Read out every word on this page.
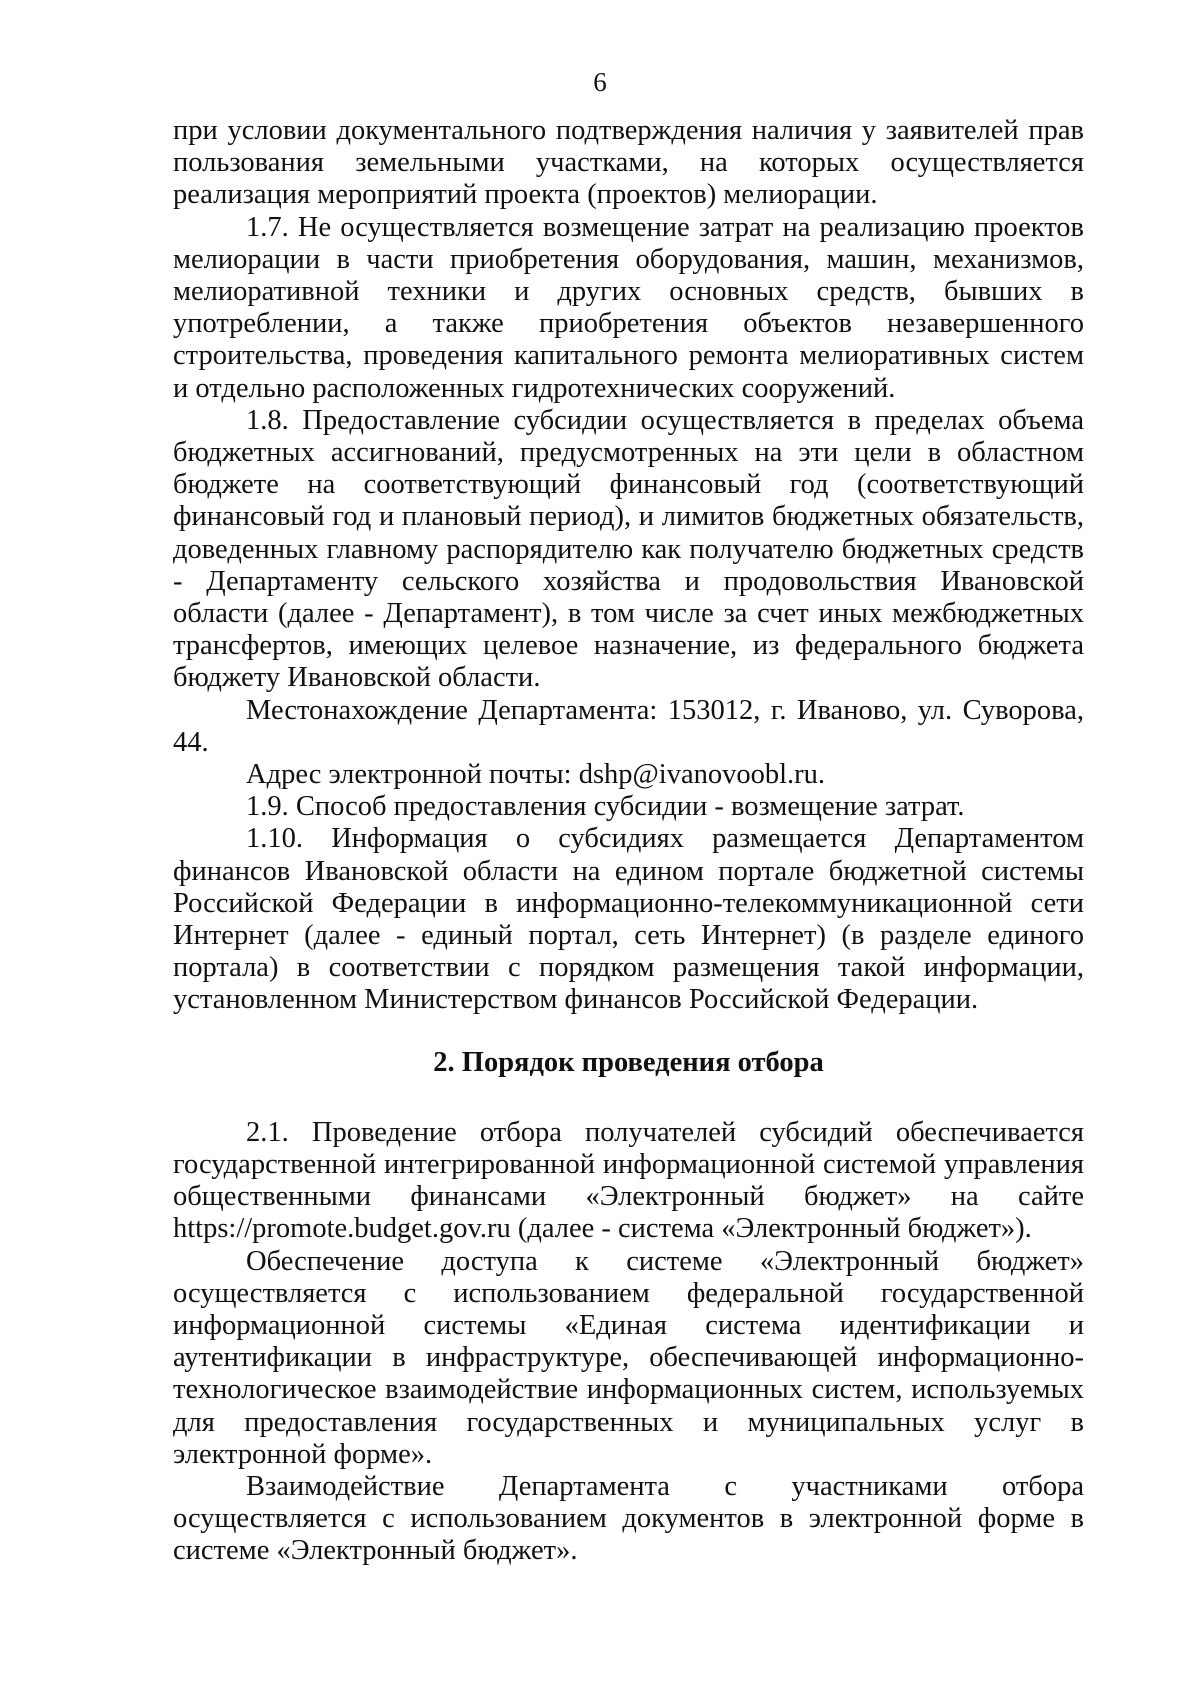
6

при условии документального подтверждения наличия у заявителей прав пользования земельными участками, на которых осуществляется реализация мероприятий проекта (проектов) мелиорации.

1.7. Не осуществляется возмещение затрат на реализацию проектов мелиорации в части приобретения оборудования, машин, механизмов, мелиоративной техники и других основных средств, бывших в употреблении, а также приобретения объектов незавершенного строительства, проведения капитального ремонта мелиоративных систем и отдельно расположенных гидротехнических сооружений.

1.8. Предоставление субсидии осуществляется в пределах объема бюджетных ассигнований, предусмотренных на эти цели в областном бюджете на соответствующий финансовый год (соответствующий финансовый год и плановый период), и лимитов бюджетных обязательств, доведенных главному распорядителю как получателю бюджетных средств - Департаменту сельского хозяйства и продовольствия Ивановской области (далее - Департамент), в том числе за счет иных межбюджетных трансфертов, имеющих целевое назначение, из федерального бюджета бюджету Ивановской области.

Местонахождение Департамента: 153012, г. Иваново, ул. Суворова, 44.

Адрес электронной почты: dshp@ivanovoobl.ru.

1.9. Способ предоставления субсидии - возмещение затрат.

1.10. Информация о субсидиях размещается Департаментом финансов Ивановской области на едином портале бюджетной системы Российской Федерации в информационно-телекоммуникационной сети Интернет (далее - единый портал, сеть Интернет) (в разделе единого портала) в соответствии с порядком размещения такой информации, установленном Министерством финансов Российской Федерации.

2. Порядок проведения отбора

2.1. Проведение отбора получателей субсидий обеспечивается государственной интегрированной информационной системой управления общественными финансами «Электронный бюджет» на сайте https://promote.budget.gov.ru (далее - система «Электронный бюджет»).

Обеспечение доступа к системе «Электронный бюджет» осуществляется с использованием федеральной государственной информационной системы «Единая система идентификации и аутентификации в инфраструктуре, обеспечивающей информационно-технологическое взаимодействие информационных систем, используемых для предоставления государственных и муниципальных услуг в электронной форме».

Взаимодействие Департамента с участниками отбора осуществляется с использованием документов в электронной форме в системе «Электронный бюджет».
